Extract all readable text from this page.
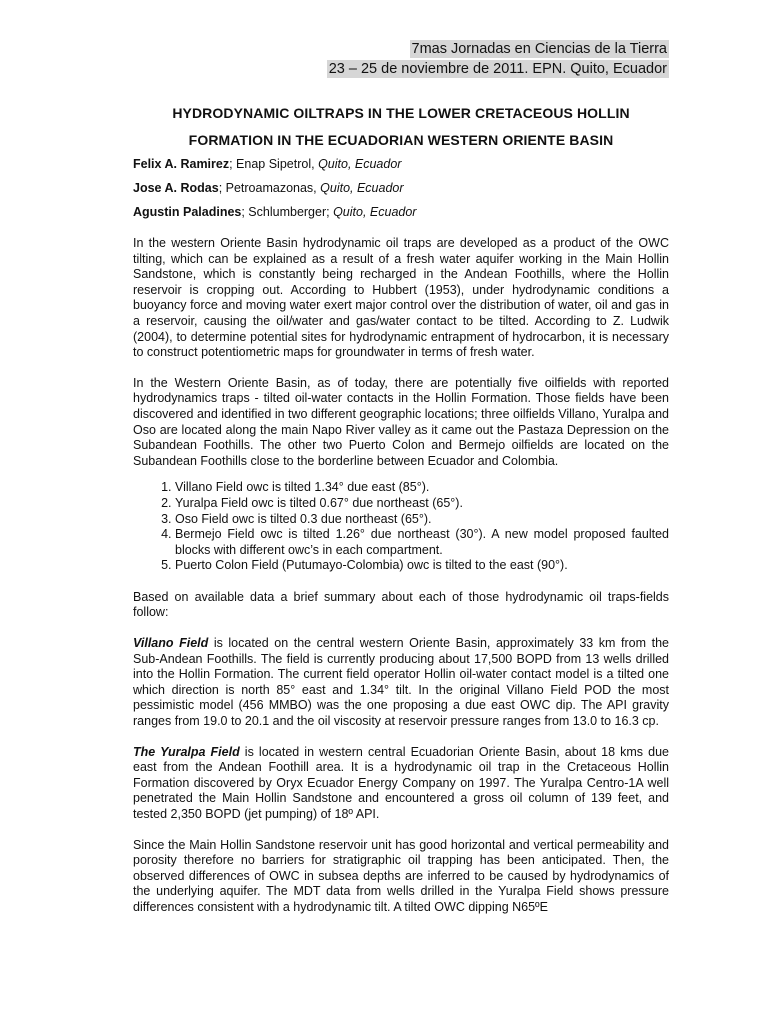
7mas Jornadas en Ciencias de la Tierra
23 – 25 de noviembre de 2011. EPN. Quito, Ecuador
HYDRODYNAMIC OILTRAPS IN THE LOWER CRETACEOUS HOLLIN
FORMATION IN THE ECUADORIAN WESTERN ORIENTE BASIN
Felix A. Ramirez; Enap Sipetrol, Quito, Ecuador
Jose A. Rodas; Petroamazonas, Quito, Ecuador
Agustin Paladines; Schlumberger; Quito, Ecuador

In the western Oriente Basin hydrodynamic oil traps are developed as a product of the OWC tilting, which can be explained as a result of a fresh water aquifer working in the Main Hollin Sandstone, which is constantly being recharged in the Andean Foothills, where the Hollin reservoir is cropping out. According to Hubbert (1953), under hydrodynamic conditions a buoyancy force and moving water exert major control over the distribution of water, oil and gas in a reservoir, causing the oil/water and gas/water contact to be tilted. According to Z. Ludwik (2004), to determine potential sites for hydrodynamic entrapment of hydrocarbon, it is necessary to construct potentiometric maps for groundwater in terms of fresh water.

In the Western Oriente Basin, as of today, there are potentially five oilfields with reported hydrodynamics traps - tilted oil-water contacts in the Hollin Formation. Those fields have been discovered and identified in two different geographic locations; three oilfields Villano, Yuralpa and Oso are located along the main Napo River valley as it came out the Pastaza Depression on the Subandean Foothills. The other two Puerto Colon and Bermejo oilfields are located on the Subandean Foothills close to the borderline between Ecuador and Colombia.

1. Villano Field owc is tilted 1.34° due east (85°).
2. Yuralpa Field owc is tilted 0.67° due northeast (65°).
3. Oso Field owc is tilted 0.3 due northeast (65°).
4. Bermejo Field owc is tilted 1.26° due northeast (30°). A new model proposed faulted blocks with different owc’s in each compartment.
5. Puerto Colon Field (Putumayo-Colombia) owc is tilted to the east (90°).

Based on available data a brief summary about each of those hydrodynamic oil traps-fields follow:

Villano Field is located on the central western Oriente Basin, approximately 33 km from the Sub-Andean Foothills. The field is currently producing about 17,500 BOPD from 13 wells drilled into the Hollin Formation. The current field operator Hollin oil-water contact model is a tilted one which direction is north 85° east and 1.34° tilt. In the original Villano Field POD the most pessimistic model (456 MMBO) was the one proposing a due east OWC dip. The API gravity ranges from 19.0 to 20.1 and the oil viscosity at reservoir pressure ranges from 13.0 to 16.3 cp.

The Yuralpa Field is located in western central Ecuadorian Oriente Basin, about 18 kms due east from the Andean Foothill area. It is a hydrodynamic oil trap in the Cretaceous Hollin Formation discovered by Oryx Ecuador Energy Company on 1997. The Yuralpa Centro-1A well penetrated the Main Hollin Sandstone and encountered a gross oil column of 139 feet, and tested 2,350 BOPD (jet pumping) of 18º API.

Since the Main Hollin Sandstone reservoir unit has good horizontal and vertical permeability and porosity therefore no barriers for stratigraphic oil trapping has been anticipated. Then, the observed differences of OWC in subsea depths are inferred to be caused by hydrodynamics of the underlying aquifer. The MDT data from wells drilled in the Yuralpa Field shows pressure differences consistent with a hydrodynamic tilt. A tilted OWC dipping N65ºE
